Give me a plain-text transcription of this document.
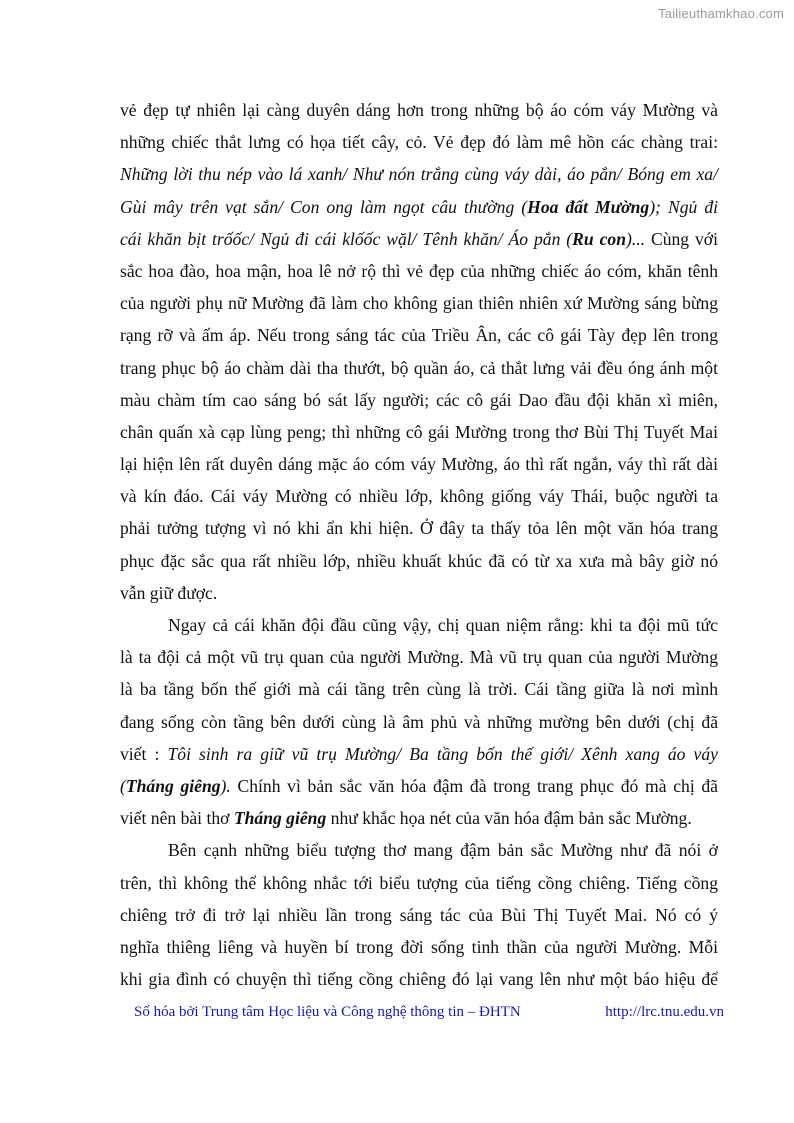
Tailieuthamkhao.com
vẻ đẹp tự nhiên lại càng duyên dáng hơn trong những bộ áo cóm váy Mường và
những chiếc thắt lưng có họa tiết cây, cỏ. Vẻ đẹp đó làm mê hồn các chàng trai:
Những lời thu nép vào lá xanh/ Như nón trắng cùng váy dài, áo pắn/ Bóng em xa/
Gùi mây trên vạt sắn/ Con ong làm ngọt câu thường (Hoa đất Mường); Ngủ đi
cái khăn bịt trốốc/ Ngủ đi cái klốốc wặl/ Tênh khăn/ Áo pắn (Ru con)... Cùng với
sắc hoa đào, hoa mận, hoa lê nở rộ thì vẻ đẹp của những chiếc áo cóm, khăn tênh
của người phụ nữ Mường đã làm cho không gian thiên nhiên xứ Mường sáng bừng
rạng rỡ và ấm áp. Nếu trong sáng tác của Triều Ân, các cô gái Tày đẹp lên trong
trang phục bộ áo chàm dài tha thướt, bộ quần áo, cả thắt lưng vải đều óng ánh một
màu chàm tím cao sáng bó sát lấy người; các cô gái Dao đầu đội khăn xì miên,
chân quấn xà cạp lùng peng; thì những cô gái Mường trong thơ Bùi Thị Tuyết Mai
lại hiện lên rất duyên dáng mặc áo cóm váy Mường, áo thì rất ngắn, váy thì rất dài
và kín đáo. Cái váy Mường có nhiều lớp, không giống váy Thái, buộc người ta
phải tưởng tượng vì nó khi ẩn khi hiện. Ở đây ta thấy tỏa lên một văn hóa trang
phục đặc sắc qua rất nhiều lớp, nhiều khuất khúc đã có từ xa xưa mà bây giờ nó
vẫn giữ được.
Ngay cả cái khăn đội đầu cũng vậy, chị quan niệm rằng: khi ta đội mũ tức
là ta đội cả một vũ trụ quan của người Mường. Mà vũ trụ quan của người Mường
là ba tầng bốn thế giới mà cái tầng trên cùng là trời. Cái tầng giữa là nơi mình
đang sống còn tầng bên dưới cùng là âm phủ và những mường bên dưới (chị đã
viết : Tôi sinh ra giữ vũ trụ Mường/ Ba tầng bốn thế giới/ Xênh xang áo váy
(Tháng giêng). Chính vì bản sắc văn hóa đậm đà trong trang phục đó mà chị đã
viết nên bài thơ Tháng giêng như khắc họa nét của văn hóa đậm bản sắc Mường.
Bên cạnh những biểu tượng thơ mang đậm bản sắc Mường như đã nói ở
trên, thì không thể không nhắc tới biểu tượng của tiếng cồng chiêng. Tiếng cồng
chiêng trở đi trở lại nhiều lần trong sáng tác của Bùi Thị Tuyết Mai. Nó có ý
nghĩa thiêng liêng và huyền bí trong đời sống tinh thần của người Mường. Mỗi
khi gia đình có chuyện thì tiếng cồng chiêng đó lại vang lên như một báo hiệu để
Số hóa bởi Trung tâm Học liệu và Công nghệ thông tin – ĐHTN	http://lrc.tnu.edu.vn
